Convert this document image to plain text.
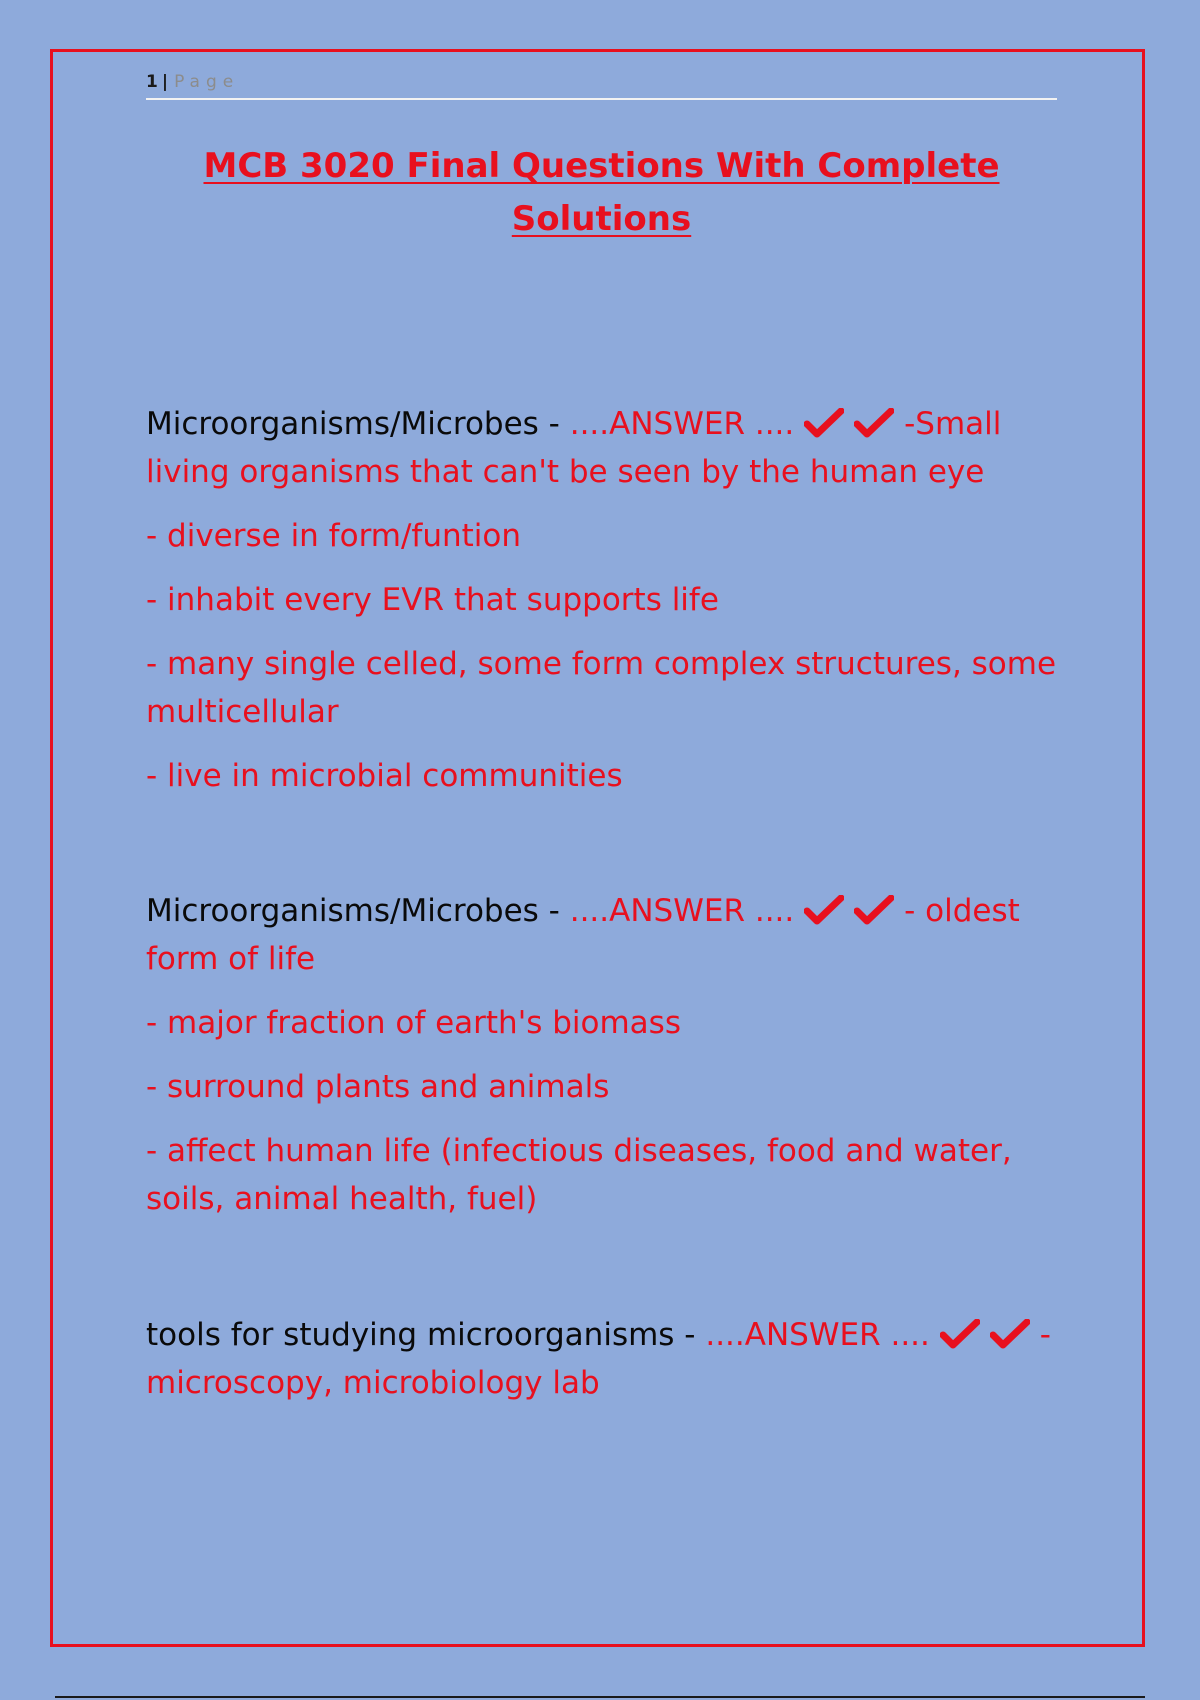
1 | Page
MCB 3020 Final Questions With Complete
Solutions

Microorganisms/Microbes - ....ANSWER ....	-Small living organisms that can't be seen by the human eye

- diverse in form/funtion

- inhabit every EVR that supports life

- many single celled, some form complex structures, some multicellular

- live in microbial communities

Microorganisms/Microbes - ....ANSWER ....	- oldest form of life

- major fraction of earth's biomass

- surround plants and animals

- affect human life (infectious diseases, food and water, soils, animal health, fuel)

tools for studying microorganisms - ....ANSWER ....	-microscopy, microbiology lab
